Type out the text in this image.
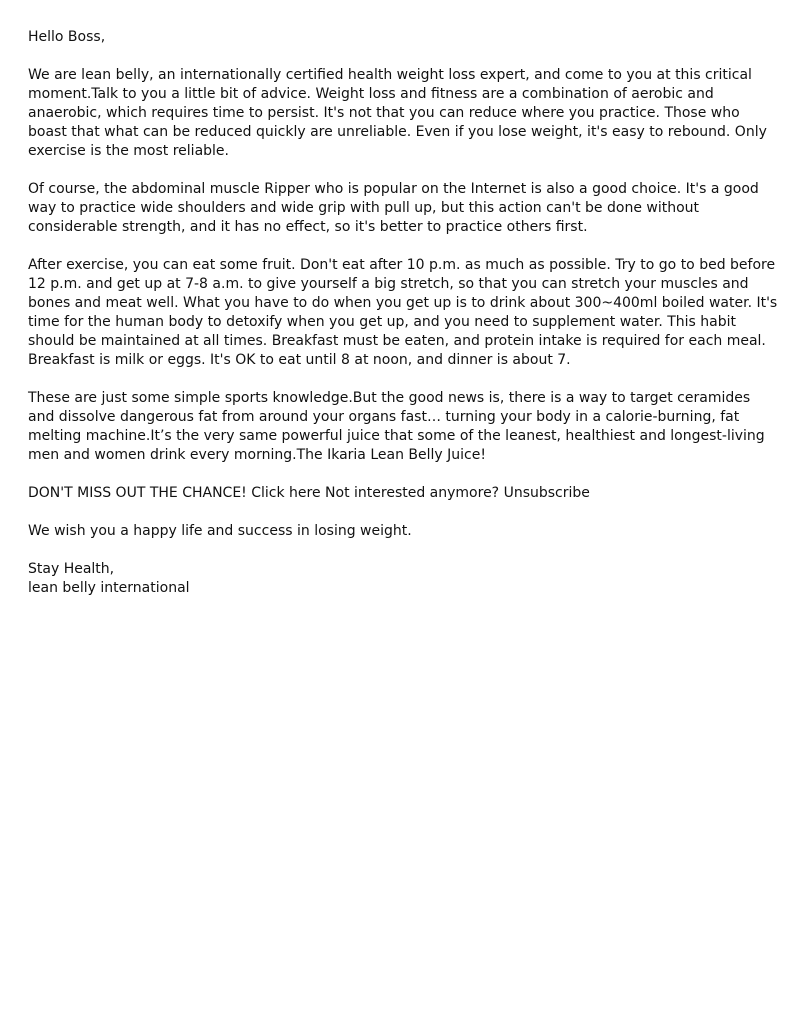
Hello Boss,

We are lean belly, an internationally certified health weight loss expert, and come to you at this critical moment.Talk to you a little bit of advice. Weight loss and fitness are a combination of aerobic and anaerobic, which requires time to persist. It's not that you can reduce where you practice. Those who boast that what can be reduced quickly are unreliable. Even if you lose weight, it's easy to rebound. Only exercise is the most reliable.

Of course, the abdominal muscle Ripper who is popular on the Internet is also a good choice. It's a good way to practice wide shoulders and wide grip with pull up, but this action can't be done without considerable strength, and it has no effect, so it's better to practice others first.

After exercise, you can eat some fruit. Don't eat after 10 p.m. as much as possible. Try to go to bed before 12 p.m. and get up at 7-8 a.m. to give yourself a big stretch, so that you can stretch your muscles and bones and meat well. What you have to do when you get up is to drink about 300~400ml boiled water. It's time for the human body to detoxify when you get up, and you need to supplement water. This habit should be maintained at all times. Breakfast must be eaten, and protein intake is required for each meal. Breakfast is milk or eggs. It's OK to eat until 8 at noon, and dinner is about 7.

These are just some simple sports knowledge.But the good news is, there is a way to target ceramides and dissolve dangerous fat from around your organs fast… turning your body in a calorie-burning, fat melting machine.It’s the very same powerful juice that some of the leanest, healthiest and longest-living men and women drink every morning.The Ikaria Lean Belly Juice!

DON'T MISS OUT THE CHANCE! Click here Not interested anymore? Unsubscribe

We wish you a happy life and success in losing weight.

Stay Health,

lean belly international
